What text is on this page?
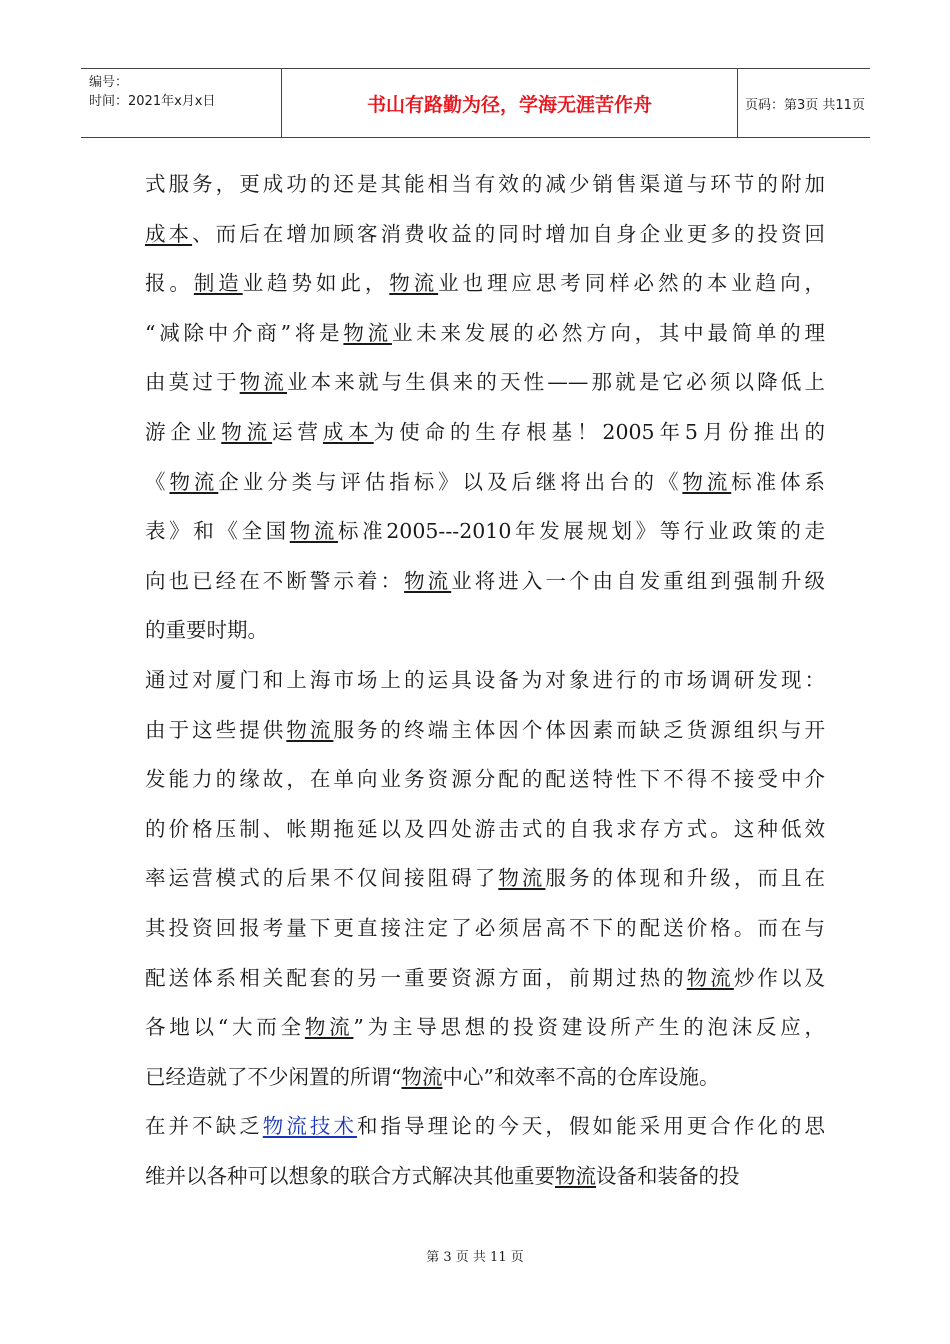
编号：
时间：2021年x月x日	书山有路勤为径，学海无涯苦作舟	页码：第3页 共11页
式服务，更成功的还是其能相当有效的减少销售渠道与环节的附加
成本、而后在增加顾客消费收益的同时增加自身企业更多的投资回
报。制造业趋势如此，物流业也理应思考同样必然的本业趋向，
“减除中介商”将是物流业未来发展的必然方向，其中最简单的理
由莫过于物流业本来就与生俱来的天性——那就是它必须以降低上
游企业物流运营成本为使命的生存根基！2005年5月份推出的
《物流企业分类与评估指标》以及后继将出台的《物流标准体系
表》和《全国物流标准2005---2010年发展规划》等行业政策的走
向也已经在不断警示着：物流业将进入一个由自发重组到强制升级
的重要时期。
通过对厦门和上海市场上的运具设备为对象进行的市场调研发现：
由于这些提供物流服务的终端主体因个体因素而缺乏货源组织与开
发能力的缘故，在单向业务资源分配的配送特性下不得不接受中介
的价格压制、帐期拖延以及四处游击式的自我求存方式。这种低效
率运营模式的后果不仅间接阻碍了物流服务的体现和升级，而且在
其投资回报考量下更直接注定了必须居高不下的配送价格。而在与
配送体系相关配套的另一重要资源方面，前期过热的物流炒作以及
各地以“大而全物流”为主导思想的投资建设所产生的泡沫反应，
已经造就了不少闲置的所谓“物流中心”和效率不高的仓库设施。
在并不缺乏物流技术和指导理论的今天，假如能采用更合作化的思
维并以各种可以想象的联合方式解决其他重要物流设备和装备的投
第 3 页 共 11 页
